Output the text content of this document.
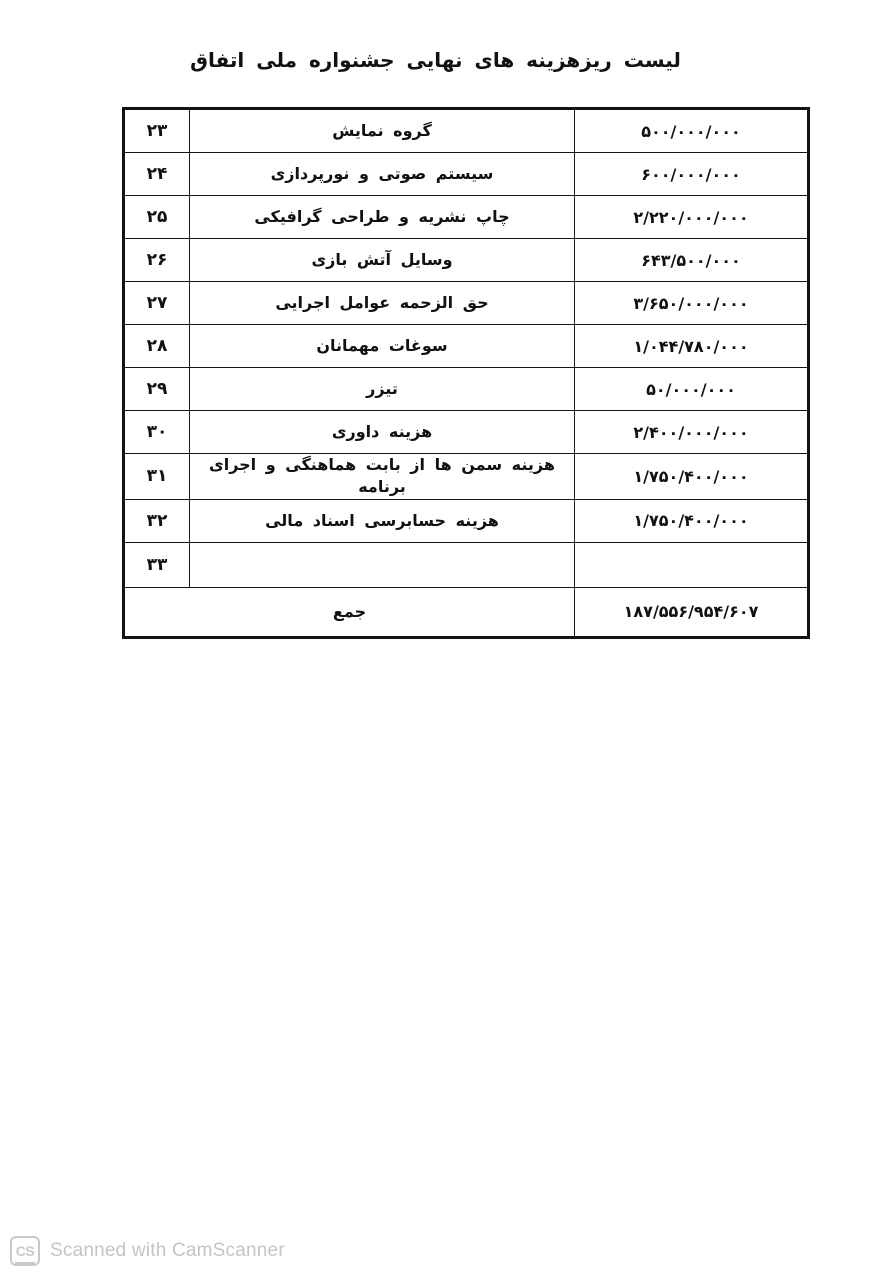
لیست ریزهزینه های نهایی جشنواره ملی اتفاق
۵۰۰/۰۰۰/۰۰۰	گروه نمایش	۲۳
۶۰۰/۰۰۰/۰۰۰	سیستم صوتی و نورپردازی	۲۴
۲/۲۲۰/۰۰۰/۰۰۰	چاپ نشریه و طراحی گرافیکی	۲۵
۶۴۳/۵۰۰/۰۰۰	وسایل آتش بازی	۲۶
۳/۶۵۰/۰۰۰/۰۰۰	حق الزحمه عوامل اجرایی	۲۷
۱/۰۴۴/۷۸۰/۰۰۰	سوغات مهمانان	۲۸
۵۰/۰۰۰/۰۰۰	تیزر	۲۹
۲/۴۰۰/۰۰۰/۰۰۰	هزینه داوری	۳۰
۱/۷۵۰/۴۰۰/۰۰۰	هزینه سمن ها از بابت هماهنگی و اجرای برنامه	۳۱
۱/۷۵۰/۴۰۰/۰۰۰	هزینه حسابرسی اسناد مالی	۳۲
		۳۳
۱۸۷/۵۵۶/۹۵۴/۶۰۷	جمع	
CS Scanned with CamScanner
